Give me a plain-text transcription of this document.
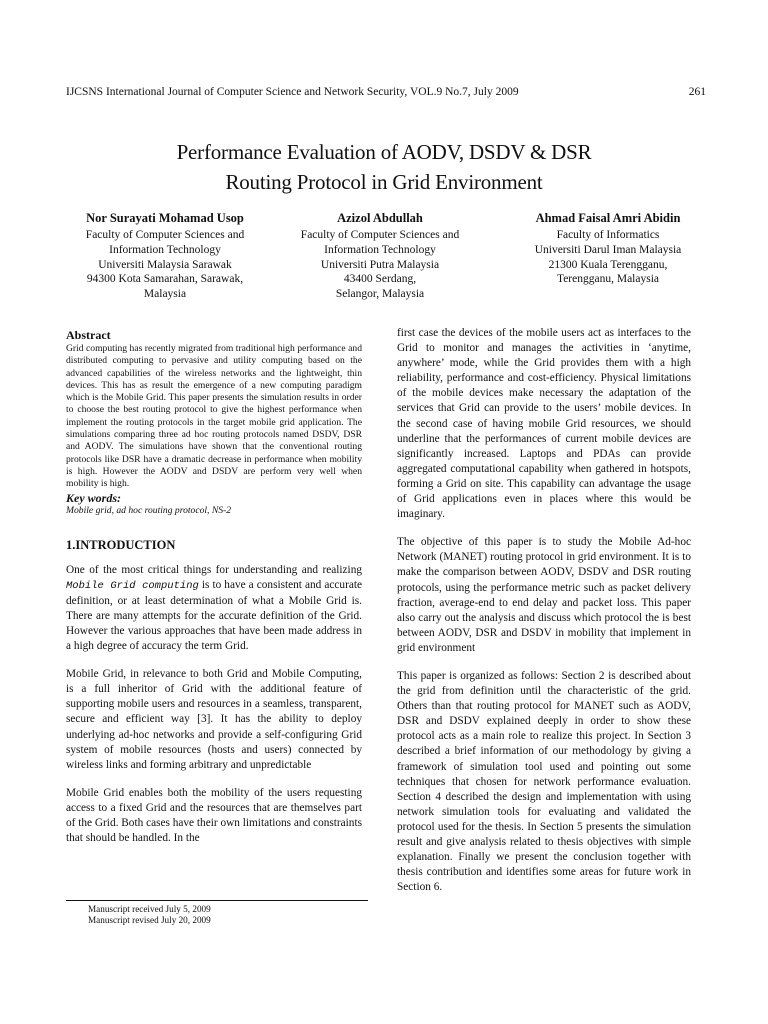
IJCSNS International Journal of Computer Science and Network Security, VOL.9 No.7, July 2009	261
Performance Evaluation of AODV, DSDV & DSR
Routing Protocol in Grid Environment
Nor Surayati Mohamad Usop
Faculty of Computer Sciences and
Information Technology
Universiti Malaysia Sarawak
94300 Kota Samarahan, Sarawak,
Malaysia
Azizol Abdullah
Faculty of Computer Sciences and
Information Technology
Universiti Putra Malaysia
43400 Serdang,
Selangor, Malaysia
Ahmad Faisal Amri Abidin
Faculty of Informatics
Universiti Darul Iman Malaysia
21300 Kuala Terengganu,
Terengganu, Malaysia

Abstract

Grid computing has recently migrated from traditional high performance and distributed computing to pervasive and utility computing based on the advanced capabilities of the wireless networks and the lightweight, thin devices. This has as result the emergence of a new computing paradigm which is the Mobile Grid. This paper presents the simulation results in order to choose the best routing protocol to give the highest performance when implement the routing protocols in the target mobile grid application. The simulations comparing three ad hoc routing protocols named DSDV, DSR and AODV. The simulations have shown that the conventional routing protocols like DSR have a dramatic decrease in performance when mobility is high. However the AODV and DSDV are perform very well when mobility is high.

Key words:

Mobile grid, ad hoc routing protocol, NS-2

1.INTRODUCTION

One of the most critical things for understanding and realizing Mobile Grid computing is to have a consistent and accurate definition, or at least determination of what a Mobile Grid is. There are many attempts for the accurate definition of the Grid. However the various approaches that have been made address in a high degree of accuracy the term Grid.

Mobile Grid, in relevance to both Grid and Mobile Computing, is a full inheritor of Grid with the additional feature of supporting mobile users and resources in a seamless, transparent, secure and efficient way [3]. It has the ability to deploy underlying ad-hoc networks and provide a self-configuring Grid system of mobile resources (hosts and users) connected by wireless links and forming arbitrary and unpredictable

Mobile Grid enables both the mobility of the users requesting access to a fixed Grid and the resources that are themselves part of the Grid. Both cases have their own limitations and constraints that should be handled. In the

first case the devices of the mobile users act as interfaces to the Grid to monitor and manages the activities in ‘anytime, anywhere’ mode, while the Grid provides them with a high reliability, performance and cost-efficiency. Physical limitations of the mobile devices make necessary the adaptation of the services that Grid can provide to the users’ mobile devices. In the second case of having mobile Grid resources, we should underline that the performances of current mobile devices are significantly increased. Laptops and PDAs can provide aggregated computational capability when gathered in hotspots, forming a Grid on site. This capability can advantage the usage of Grid applications even in places where this would be imaginary.

The objective of this paper is to study the Mobile Ad-hoc Network (MANET) routing protocol in grid environment. It is to make the comparison between AODV, DSDV and DSR routing protocols, using the performance metric such as packet delivery fraction, average-end to end delay and packet loss. This paper also carry out the analysis and discuss which protocol the is best between AODV, DSR and DSDV in mobility that implement in grid environment

This paper is organized as follows: Section 2 is described about the grid from definition until the characteristic of the grid. Others than that routing protocol for MANET such as AODV, DSR and DSDV explained deeply in order to show these protocol acts as a main role to realize this project. In Section 3 described a brief information of our methodology by giving a framework of simulation tool used and pointing out some techniques that chosen for network performance evaluation. Section 4 described the design and implementation with using network simulation tools for evaluating and validated the protocol used for the thesis. In Section 5 presents the simulation result and give analysis related to thesis objectives with simple explanation. Finally we present the conclusion together with thesis contribution and identifies some areas for future work in Section 6.

Manuscript received July 5, 2009
Manuscript revised July 20, 2009
